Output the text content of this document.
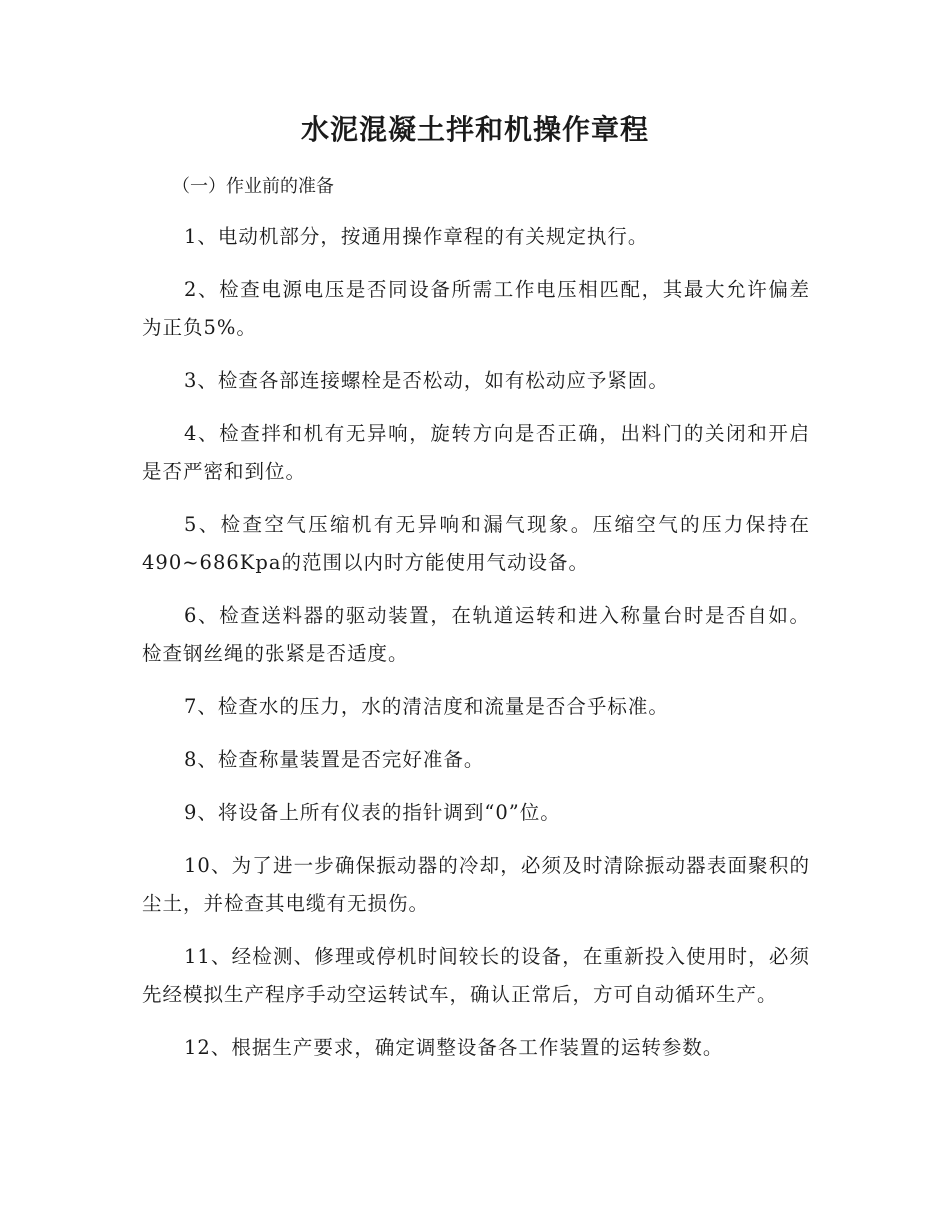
水泥混凝土拌和机操作章程

（一）作业前的准备

1、电动机部分，按通用操作章程的有关规定执行。

2、检查电源电压是否同设备所需工作电压相匹配，其最大允许偏差为正负5%。

3、检查各部连接螺栓是否松动，如有松动应予紧固。

4、检查拌和机有无异响，旋转方向是否正确，出料门的关闭和开启是否严密和到位。

5、检查空气压缩机有无异响和漏气现象。压缩空气的压力保持在490~686Kpa的范围以内时方能使用气动设备。

6、检查送料器的驱动装置，在轨道运转和进入称量台时是否自如。检查钢丝绳的张紧是否适度。

7、检查水的压力，水的清洁度和流量是否合乎标准。

8、检查称量装置是否完好准备。

9、将设备上所有仪表的指针调到“0”位。

10、为了进一步确保振动器的冷却，必须及时清除振动器表面聚积的尘土，并检查其电缆有无损伤。

11、经检测、修理或停机时间较长的设备，在重新投入使用时，必须先经模拟生产程序手动空运转试车，确认正常后，方可自动循环生产。

12、根据生产要求，确定调整设备各工作装置的运转参数。
